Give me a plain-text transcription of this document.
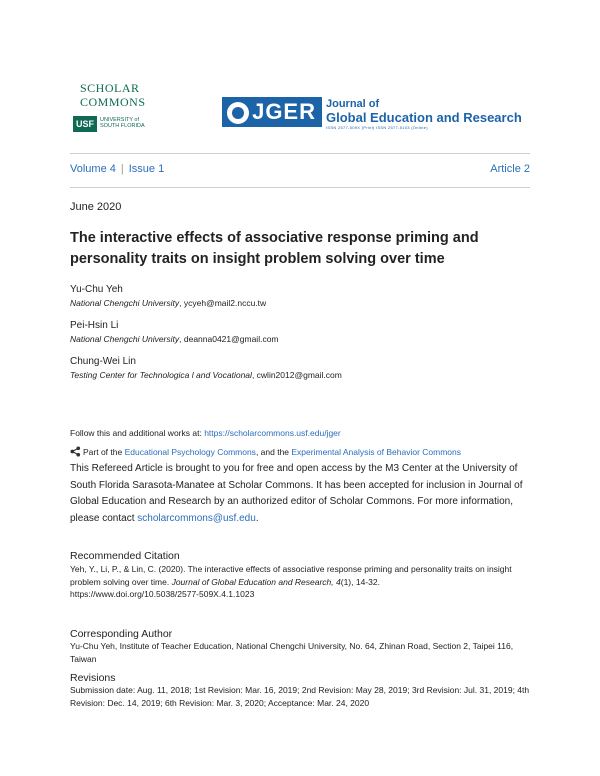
SCHOLAR
COMMONS
USF	UNIVERSITY of SOUTH FLORIDA
JGER Journal of
Global Education and Research
ISSN 2577-509X (Print) ISSN 2577-5103 (Online)
Volume 4 | Issue 1	Article 2
June 2020
The interactive effects of associative response priming and personality traits on insight problem solving over time
Yu-Chu Yeh
National Chengchi University, ycyeh@mail2.nccu.tw
Pei-Hsin Li
National Chengchi University, deanna0421@gmail.com
Chung-Wei Lin
Testing Center for Technologica l and Vocational, cwlin2012@gmail.com
Follow this and additional works at: https://scholarcommons.usf.edu/jger
Part of the Educational Psychology Commons, and the Experimental Analysis of Behavior Commons
This Refereed Article is brought to you for free and open access by the M3 Center at the University of South Florida Sarasota-Manatee at Scholar Commons. It has been accepted for inclusion in Journal of Global Education and Research by an authorized editor of Scholar Commons. For more information, please contact scholarcommons@usf.edu.
Recommended Citation
Yeh, Y., Li, P., & Lin, C. (2020). The interactive effects of associative response priming and personality traits on insight problem solving over time. Journal of Global Education and Research, 4(1), 14-32.
https://www.doi.org/10.5038/2577-509X.4.1.1023
Corresponding Author
Yu-Chu Yeh, Institute of Teacher Education, National Chengchi University, No. 64, Zhinan Road, Section 2, Taipei 116, Taiwan
Revisions
Submission date: Aug. 11, 2018; 1st Revision: Mar. 16, 2019; 2nd Revision: May 28, 2019; 3rd Revision: Jul. 31, 2019; 4th Revision: Dec. 14, 2019; 6th Revision: Mar. 3, 2020; Acceptance: Mar. 24, 2020
